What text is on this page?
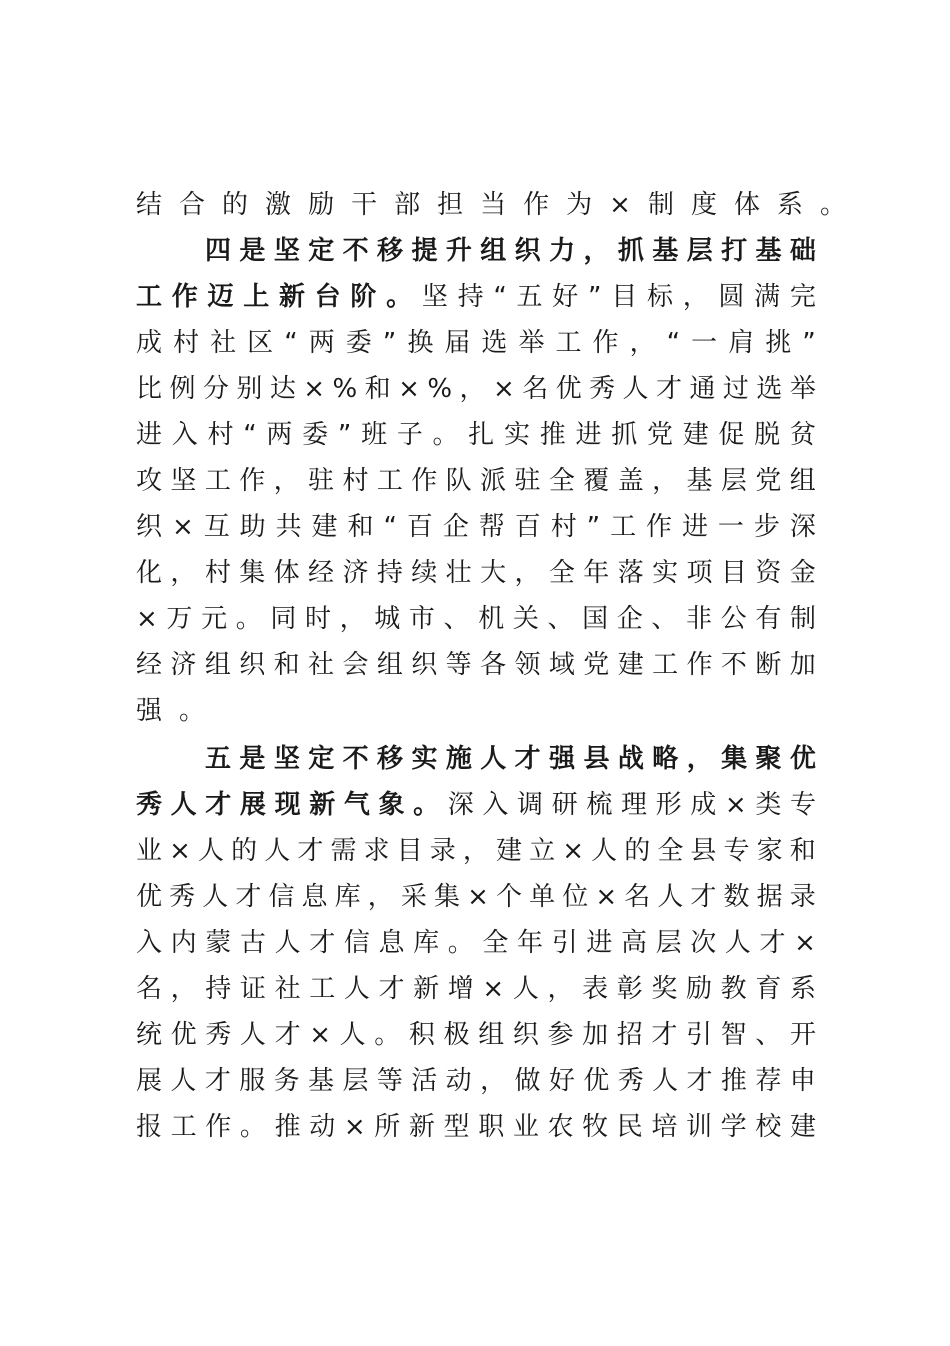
结 合 的 激 励 干 部 担 当 作 为 × 制 度 体 系 。
四 是 坚 定 不 移 提 升 组 织 力 ， 抓 基 层 打 基 础
工 作 迈 上 新 台 阶 。 坚 持 “ 五 好 ” 目 标 ， 圆 满 完
成 村 社 区 “ 两 委 ” 换 届 选 举 工 作 ， “ 一 肩 挑 ”
比 例 分 别 达 × % 和 × % ， × 名 优 秀 人 才 通 过 选 举
进 入 村 “ 两 委 ” 班 子 。 扎 实 推 进 抓 党 建 促 脱 贫
攻 坚 工 作 ， 驻 村 工 作 队 派 驻 全 覆 盖 ， 基 层 党 组
织 × 互 助 共 建 和 “ 百 企 帮 百 村 ” 工 作 进 一 步 深
化 ， 村 集 体 经 济 持 续 壮 大 ， 全 年 落 实 项 目 资 金
× 万 元 。 同 时 ， 城 市 、 机 关 、 国 企 、 非 公 有 制
经 济 组 织 和 社 会 组 织 等 各 领 域 党 建 工 作 不 断 加
强 。
五 是 坚 定 不 移 实 施 人 才 强 县 战 略 ， 集 聚 优
秀 人 才 展 现 新 气 象 。 深 入 调 研 梳 理 形 成 × 类 专
业 × 人 的 人 才 需 求 目 录 ， 建 立 × 人 的 全 县 专 家 和
优 秀 人 才 信 息 库 ， 采 集 × 个 单 位 × 名 人 才 数 据 录
入 内 蒙 古 人 才 信 息 库 。 全 年 引 进 高 层 次 人 才 ×
名 ， 持 证 社 工 人 才 新 增 × 人 ， 表 彰 奖 励 教 育 系
统 优 秀 人 才 × 人 。 积 极 组 织 参 加 招 才 引 智 、 开
展 人 才 服 务 基 层 等 活 动 ， 做 好 优 秀 人 才 推 荐 申
报 工 作 。 推 动 × 所 新 型 职 业 农 牧 民 培 训 学 校 建
